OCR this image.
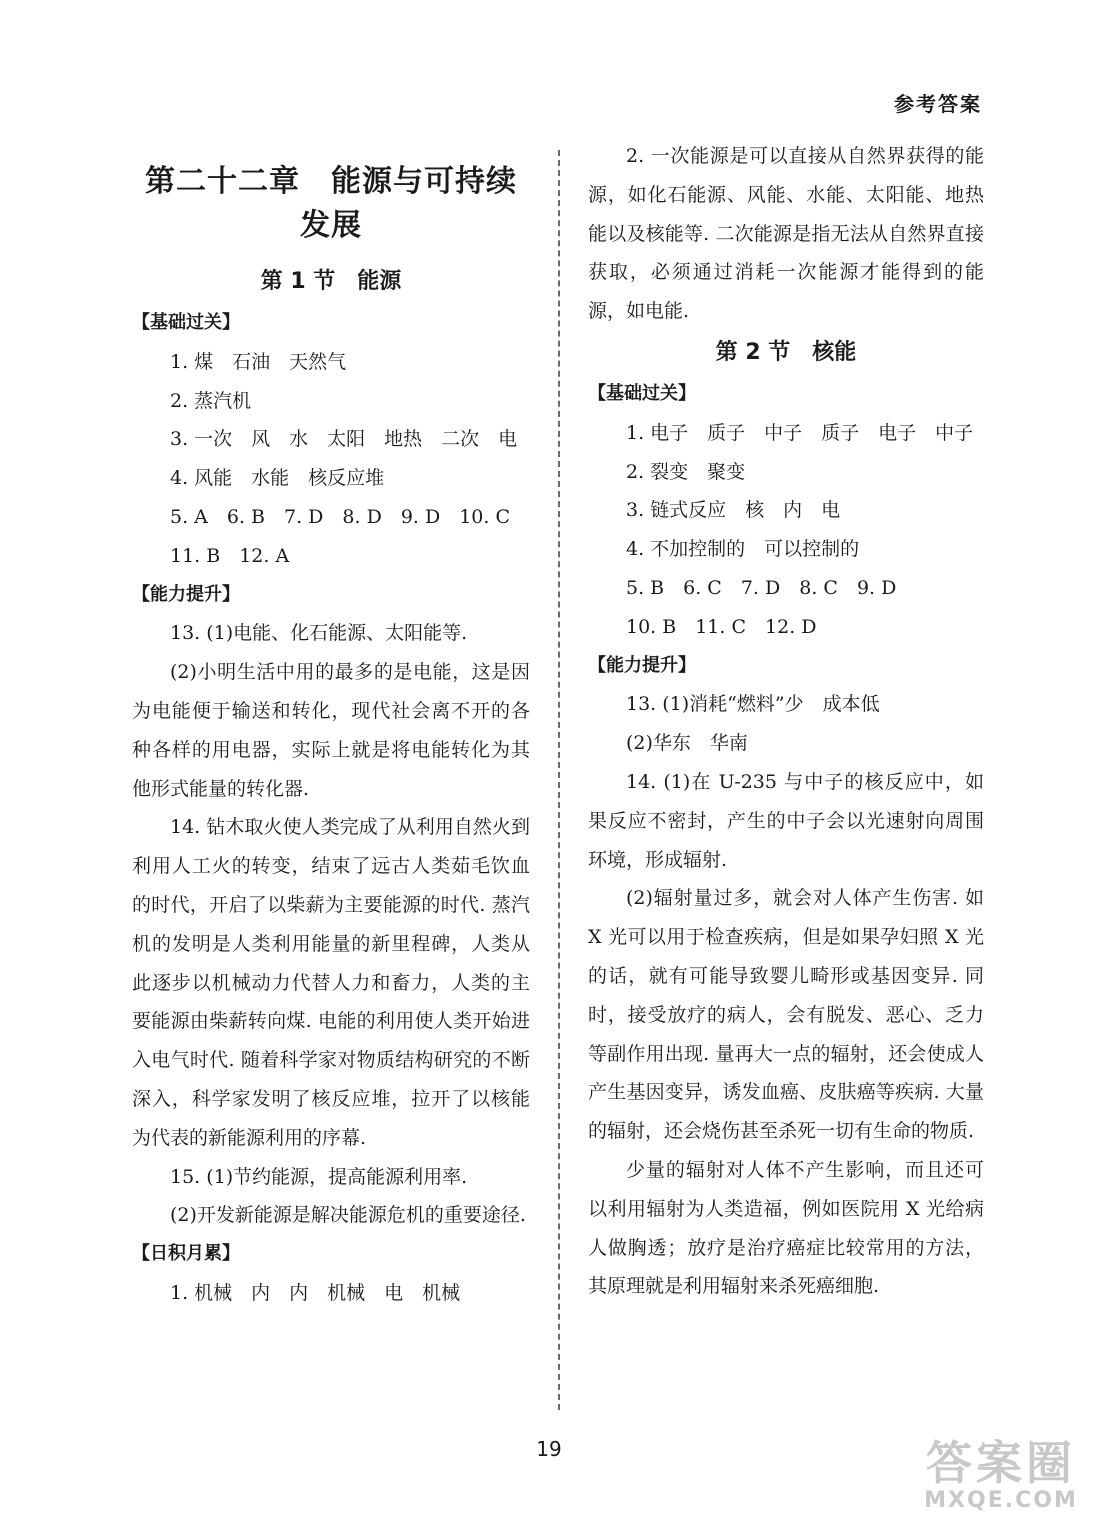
参考答案
第二十二章　能源与可持续发展
第 1 节　能源
【基础过关】

1. 煤　石油　天然气

2. 蒸汽机

3. 一次　风　水　太阳　地热　二次　电

4. 风能　水能　核反应堆

5. A　6. B　7. D　8. D　9. D　10. C

11. B　12. A

【能力提升】

13. (1)电能、化石能源、太阳能等.

(2)小明生活中用的最多的是电能，这是因为电能便于输送和转化，现代社会离不开的各种各样的用电器，实际上就是将电能转化为其他形式能量的转化器.

14. 钻木取火使人类完成了从利用自然火到利用人工火的转变，结束了远古人类茹毛饮血的时代，开启了以柴薪为主要能源的时代. 蒸汽机的发明是人类利用能量的新里程碑，人类从此逐步以机械动力代替人力和畜力，人类的主要能源由柴薪转向煤. 电能的利用使人类开始进入电气时代. 随着科学家对物质结构研究的不断深入，科学家发明了核反应堆，拉开了以核能为代表的新能源利用的序幕.

15. (1)节约能源，提高能源利用率.

(2)开发新能源是解决能源危机的重要途径.

【日积月累】

1. 机械　内　内　机械　电　机械

2. 一次能源是可以直接从自然界获得的能源，如化石能源、风能、水能、太阳能、地热能以及核能等. 二次能源是指无法从自然界直接获取，必须通过消耗一次能源才能得到的能源，如电能.

第 2 节　核能
【基础过关】

1. 电子　质子　中子　质子　电子　中子

2. 裂变　聚变

3. 链式反应　核　内　电

4. 不加控制的　可以控制的

5. B　6. C　7. D　8. C　9. D

10. B　11. C　12. D

【能力提升】

13. (1)消耗“燃料”少　成本低

(2)华东　华南

14. (1)在 U-235 与中子的核反应中，如果反应不密封，产生的中子会以光速射向周围环境，形成辐射.

(2)辐射量过多，就会对人体产生伤害. 如 X 光可以用于检查疾病，但是如果孕妇照 X 光的话，就有可能导致婴儿畸形或基因变异. 同时，接受放疗的病人，会有脱发、恶心、乏力等副作用出现. 量再大一点的辐射，还会使成人产生基因变异，诱发血癌、皮肤癌等疾病. 大量的辐射，还会烧伤甚至杀死一切有生命的物质.

少量的辐射对人体不产生影响，而且还可以利用辐射为人类造福，例如医院用 X 光给病人做胸透；放疗是治疗癌症比较常用的方法，其原理就是利用辐射来杀死癌细胞.

19	答案圈
MXQE.COM
